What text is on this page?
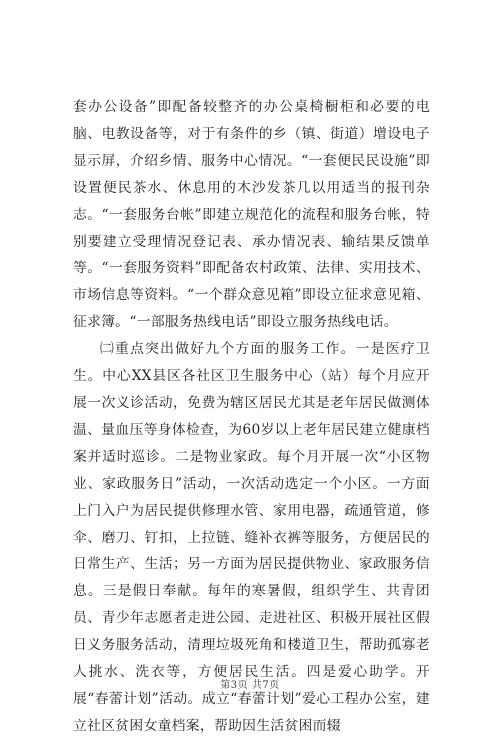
套办公设备”即配备较整齐的办公桌椅橱柜和必要的电脑、电教设备等，对于有条件的乡（镇、街道）增设电子显示屏，介绍乡情、服务中心情况。“一套便民民设施”即设置便民茶水、休息用的木沙发茶几以用适当的报刊杂志。“一套服务台帐”即建立规范化的流程和服务台帐，特别要建立受理情况登记表、承办情况表、输结果反馈单等。“一套服务资料”即配备农村政策、法律、实用技术、市场信息等资料。“一个群众意见箱”即设立征求意见箱、征求簿。“一部服务热线电话”即设立服务热线电话。

㈡重点突出做好九个方面的服务工作。一是医疗卫生。中心XX县区各社区卫生服务中心（站）每个月应开展一次义诊活动，免费为辖区居民尤其是老年居民做测体温、量血压等身体检查，为60岁以上老年居民建立健康档案并适时巡诊。二是物业家政。每个月开展一次“小区物业、家政服务日”活动，一次活动选定一个小区。一方面上门入户为居民提供修理水管、家用电器，疏通管道，修伞、磨刀、钉扣，上拉链、缝补衣裤等服务，方便居民的日常生产、生活；另一方面为居民提供物业、家政服务信息。三是假日奉献。每年的寒暑假，组织学生、共青团员、青少年志愿者走进公园、走进社区、积极开展社区假日义务服务活动，清理垃圾死角和楼道卫生，帮助孤寡老人挑水、洗衣等，方便居民生活。四是爱心助学。开展“春蕾计划”活动。成立“春蕾计划”爱心工程办公室，建立社区贫困女童档案，帮助因生活贫困而辍

第3页 共7页
